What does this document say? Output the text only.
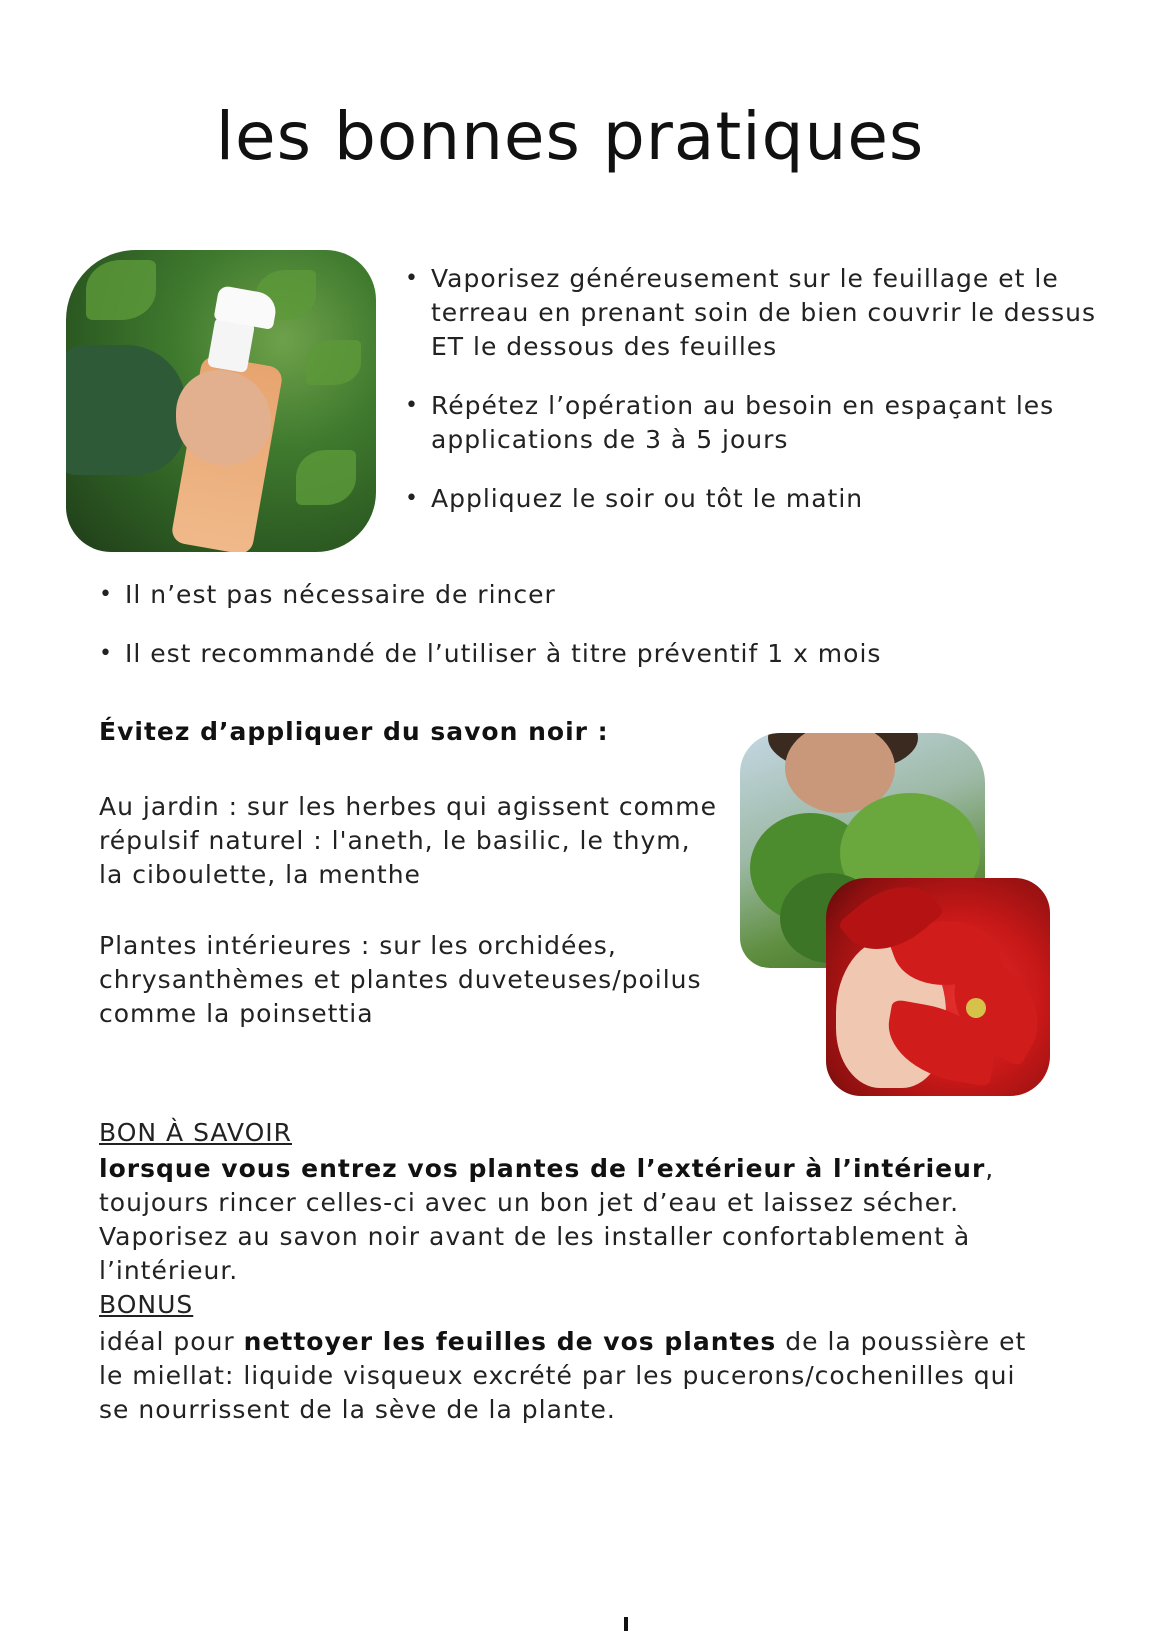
les bonnes pratiques
• Vaporisez généreusement sur le feuillage et le terreau en prenant soin de bien couvrir le dessus ET le dessous des feuilles
• Répétez l’opération au besoin en espaçant les applications de 3 à 5 jours
• Appliquez le soir ou tôt le matin
• Il n’est pas nécessaire de rincer
• Il est recommandé de l’utiliser à titre préventif 1 x mois
Évitez d’appliquer du savon noir :

Au jardin : sur les herbes qui agissent comme répulsif naturel : l'aneth, le basilic, le thym, la ciboulette, la menthe

Plantes intérieures : sur les orchidées, chrysanthèmes et plantes duveteuses/poilus comme la poinsettia

BON À SAVOIR

lorsque vous entrez vos plantes de l’extérieur à l’intérieur, toujours rincer celles-ci avec un bon jet d’eau et laissez sécher. Vaporisez au savon noir avant de les installer confortablement à l’intérieur.

BONUS

idéal pour nettoyer les feuilles de vos plantes de la poussière et le miellat: liquide visqueux excrété par les pucerons/cochenilles qui se nourrissent de la sève de la plante.
